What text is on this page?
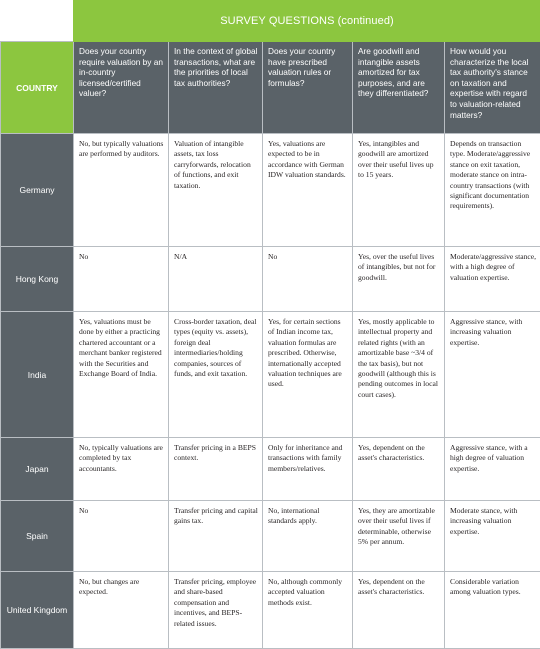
	SURVEY QUESTIONS (continued)				

COUNTRY	Does your country require valuation by an in-country licensed/certified valuer?	In the context of global transactions, what are the priorities of local tax authorities?	Does your country have prescribed valuation rules or formulas?	Are goodwill and intangible assets amortized for tax purposes, and are they differentiated?	How would you characterize the local tax authority's stance on taxation and expertise with regard to valuation-related matters?
Germany	No, but typically valuations are performed by auditors.	Valuation of intangible assets, tax loss carryforwards, relocation of functions, and exit taxation.	Yes, valuations are expected to be in accordance with German IDW valuation standards.	Yes, intangibles and goodwill are amortized over their useful lives up to 15 years.	Depends on transaction type. Moderate/aggressive stance on exit taxation, moderate stance on intra-country transactions (with significant documentation requirements).
Hong Kong	No	N/A	No	Yes, over the useful lives of intangibles, but not for goodwill.	Moderate/aggressive stance, with a high degree of valuation expertise.
India	Yes, valuations must be done by either a practicing chartered accountant or a merchant banker registered with the Securities and Exchange Board of India.	Cross-border taxation, deal types (equity vs. assets), foreign deal intermediaries/holding companies, sources of funds, and exit taxation.	Yes, for certain sections of Indian income tax, valuation formulas are prescribed. Otherwise, internationally accepted valuation techniques are used.	Yes, mostly applicable to intellectual property and related rights (with an amortizable base ~3/4 of the tax basis), but not goodwill (although this is pending outcomes in local court cases).	Aggressive stance, with increasing valuation expertise.
Japan	No, typically valuations are completed by tax accountants.	Transfer pricing in a BEPS context.	Only for inheritance and transactions with family members/relatives.	Yes, dependent on the asset's characteristics.	Aggressive stance, with a high degree of valuation expertise.
Spain	No	Transfer pricing and capital gains tax.	No, international standards apply.	Yes, they are amortizable over their useful lives if determinable, otherwise 5% per annum.	Moderate stance, with increasing valuation expertise.
United Kingdom	No, but changes are expected.	Transfer pricing, employee and share-based compensation and incentives, and BEPS-related issues.	No, although commonly accepted valuation methods exist.	Yes, dependent on the asset's characteristics.	Considerable variation among valuation types.
